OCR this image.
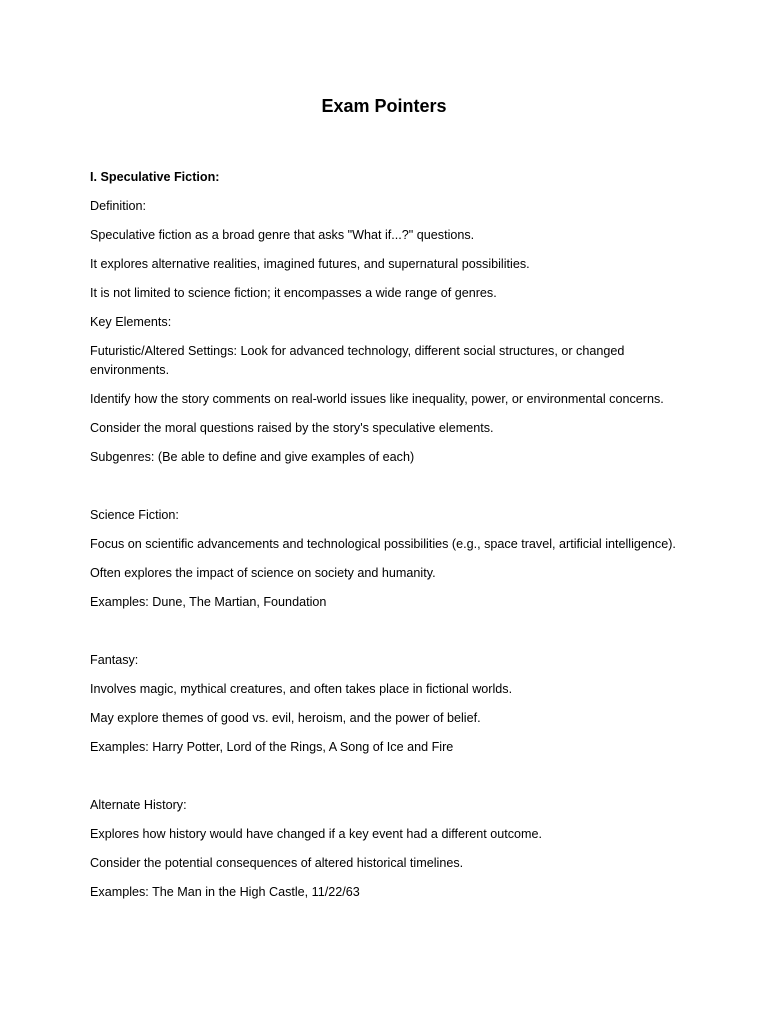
Exam Pointers
I. Speculative Fiction:
Definition:
Speculative fiction as a broad genre that asks "What if...?" questions.
It explores alternative realities, imagined futures, and supernatural possibilities.
It is not limited to science fiction; it encompasses a wide range of genres.
Key Elements:
Futuristic/Altered Settings: Look for advanced technology, different social structures, or changed environments.
Identify how the story comments on real-world issues like inequality, power, or environmental concerns.
Consider the moral questions raised by the story's speculative elements.
Subgenres: (Be able to define and give examples of each)
Science Fiction:
Focus on scientific advancements and technological possibilities (e.g., space travel, artificial intelligence).
Often explores the impact of science on society and humanity.
Examples: Dune, The Martian, Foundation
Fantasy:
Involves magic, mythical creatures, and often takes place in fictional worlds.
May explore themes of good vs. evil, heroism, and the power of belief.
Examples: Harry Potter, Lord of the Rings, A Song of Ice and Fire
Alternate History:
Explores how history would have changed if a key event had a different outcome.
Consider the potential consequences of altered historical timelines.
Examples: The Man in the High Castle, 11/22/63
